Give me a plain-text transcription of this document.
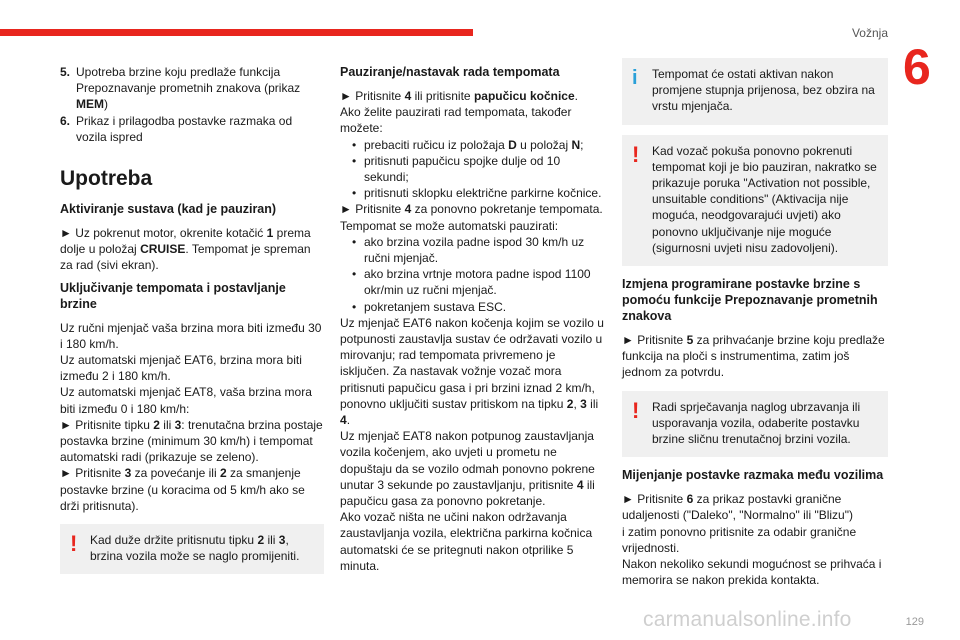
Vožnja
6
5. Upotreba brzine koju predlaže funkcija Prepoznavanje prometnih znakova (prikaz MEM)
6. Prikaz i prilagodba postavke razmaka od vozila ispred
Upotreba
Aktiviranje sustava (kad je pauziran)

► Uz pokrenut motor, okrenite kotačić 1 prema dolje u položaj CRUISE. Tempomat je spreman za rad (sivi ekran).

Uključivanje tempomata i postavljanje brzine

Uz ručni mjenjač vaša brzina mora biti između 30 i 180 km/h.
Uz automatski mjenjač EAT6, brzina mora biti između 2 i 180 km/h.
Uz automatski mjenjač EAT8, vaša brzina mora biti između 0 i 180 km/h:
► Pritisnite tipku 2 ili 3: trenutačna brzina postaje postavka brzine (minimum 30 km/h) i tempomat automatski radi (prikazuje se zeleno).
► Pritisnite 3 za povećanje ili 2 za smanjenje postavke brzine (u koracima od 5 km/h ako se drži pritisnuta).

! Kad duže držite pritisnutu tipku 2 ili 3, brzina vozila može se naglo promijeniti.

Pauziranje/nastavak rada tempomata

► Pritisnite 4 ili pritisnite papučicu kočnice.
Ako želite pauzirati rad tempomata, također možete:

• prebaciti ručicu iz položaja D u položaj N;
• pritisnuti papučicu spojke dulje od 10 sekundi;
• pritisnuti sklopku električne parkirne kočnice.

► Pritisnite 4 za ponovno pokretanje tempomata. Tempomat se može automatski pauzirati:

• ako brzina vozila padne ispod 30 km/h uz ručni mjenjač.
• ako brzina vrtnje motora padne ispod 1100 okr/min uz ručni mjenjač.
• pokretanjem sustava ESC.

Uz mjenjač EAT6 nakon kočenja kojim se vozilo u potpunosti zaustavlja sustav će održavati vozilo u mirovanju; rad tempomata privremeno je isključen. Za nastavak vožnje vozač mora pritisnuti papučicu gasa i pri brzini iznad 2 km/h, ponovno uključiti sustav pritiskom na tipku 2, 3 ili 4.
Uz mjenjač EAT8 nakon potpunog zaustavljanja vozila kočenjem, ako uvjeti u prometu ne dopuštaju da se vozilo odmah ponovno pokrene unutar 3 sekunde po zaustavljanju, pritisnite 4 ili papučicu gasa za ponovno pokretanje.
Ako vozač ništa ne učini nakon održavanja zaustavljanja vozila, električna parkirna kočnica automatski će se pritegnuti nakon otprilike 5 minuta.

i Tempomat će ostati aktivan nakon promjene stupnja prijenosa, bez obzira na vrstu mjenjača.

! Kad vozač pokuša ponovno pokrenuti tempomat koji je bio pauziran, nakratko se prikazuje poruka "Activation not possible, unsuitable conditions" (Aktivacija nije moguća, neodgovarajući uvjeti) ako ponovno uključivanje nije moguće (sigurnosni uvjeti nisu zadovoljeni).

Izmjena programirane postavke brzine s pomoću funkcije Prepoznavanje prometnih znakova

► Pritisnite 5 za prihvaćanje brzine koju predlaže funkcija na ploči s instrumentima, zatim još jednom za potvrdu.

! Radi sprječavanja naglog ubrzavanja ili usporavanja vozila, odaberite postavku brzine sličnu trenutačnoj brzini vozila.

Mijenjanje postavke razmaka među vozilima

► Pritisnite 6 za prikaz postavki granične udaljenosti ("Daleko", "Normalno" ili "Blizu")
i zatim ponovno pritisnite za odabir granične vrijednosti.
Nakon nekoliko sekundi mogućnost se prihvaća i memorira se nakon prekida kontakta.

carmanualsonline.info	129
